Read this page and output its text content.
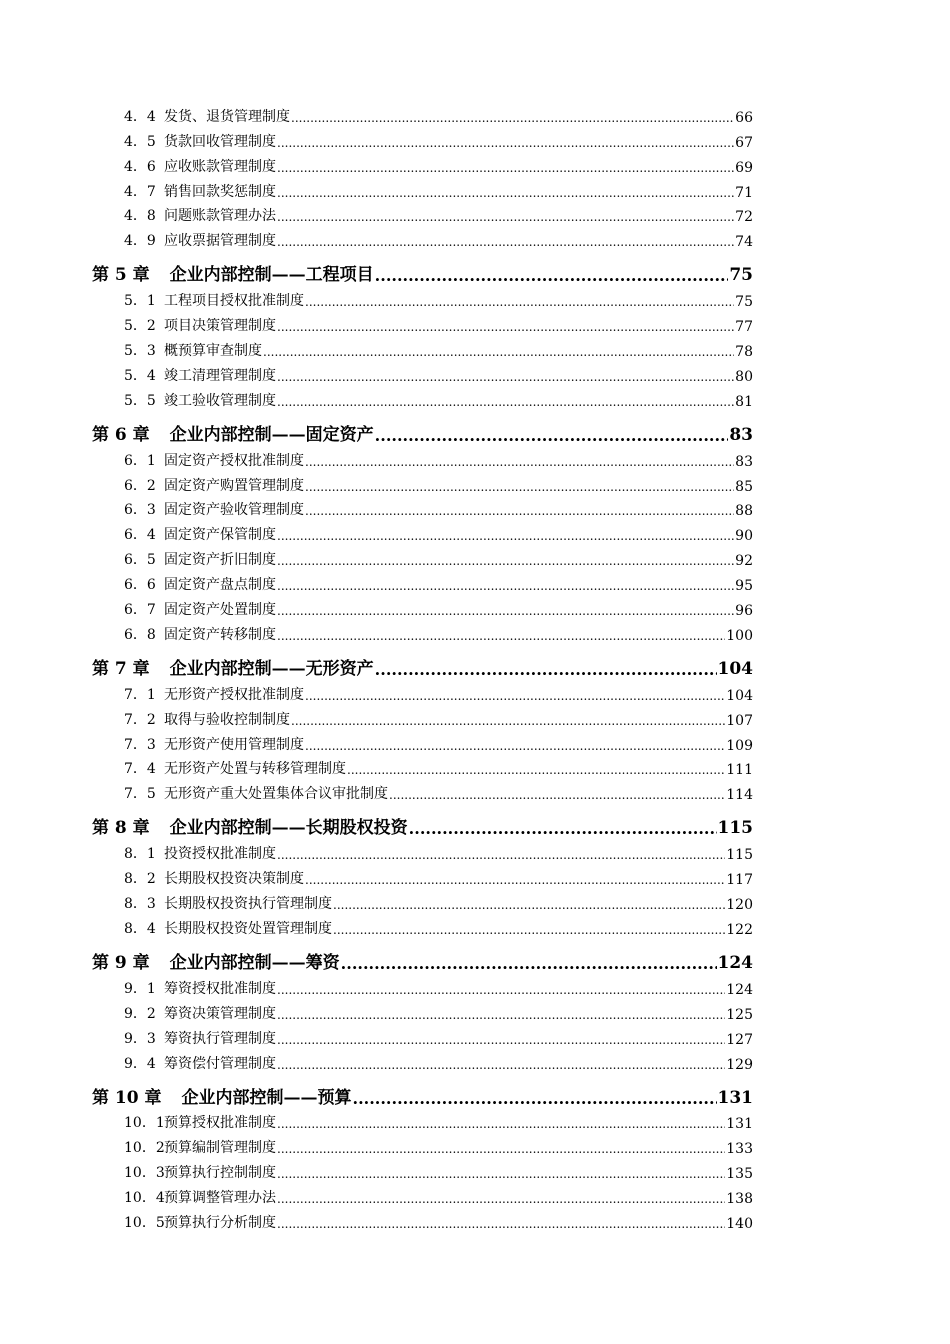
4．4 发货、退货管理制度 .....	66
4．5 货款回收管理制度 .....	67
4．6 应收账款管理制度 .....	69
4．7 销售回款奖惩制度 .....	71
4．8 问题账款管理办法 .....	72
4．9 应收票据管理制度 .....	74
第 5 章 企业内部控制——工程项目 .....	75
5．1 工程项目授权批准制度 .....	75
5．2 项目决策管理制度 .....	77
5．3 概预算审查制度 .....	78
5．4 竣工清理管理制度 .....	80
5．5 竣工验收管理制度 .....	81
第 6 章 企业内部控制——固定资产 .....	83
6．1 固定资产授权批准制度 .....	83
6．2 固定资产购置管理制度 .....	85
6．3 固定资产验收管理制度 .....	88
6．4 固定资产保管制度 .....	90
6．5 固定资产折旧制度 .....	92
6．6 固定资产盘点制度 .....	95
6．7 固定资产处置制度 .....	96
6．8 固定资产转移制度 .....	100
第 7 章 企业内部控制——无形资产 .....	104
7．1 无形资产授权批准制度 .....	104
7．2 取得与验收控制制度 .....	107
7．3 无形资产使用管理制度 .....	109
7．4 无形资产处置与转移管理制度 .....	111
7．5 无形资产重大处置集体合议审批制度 .....	114
第 8 章 企业内部控制——长期股权投资 .....	115
8．1 投资授权批准制度 .....	115
8．2 长期股权投资决策制度 .....	117
8．3 长期股权投资执行管理制度 .....	120
8．4 长期股权投资处置管理制度 .....	122
第 9 章 企业内部控制——筹资 .....	124
9．1 筹资授权批准制度 .....	124
9．2 筹资决策管理制度 .....	125
9．3 筹资执行管理制度 .....	127
9．4 筹资偿付管理制度 .....	129
第 10 章 企业内部控制——预算 .....	131
10．1 预算授权批准制度 .....	131
10．2 预算编制管理制度 .....	133
10．3 预算执行控制制度 .....	135
10．4 预算调整管理办法 .....	138
10．5 预算执行分析制度 .....	140
